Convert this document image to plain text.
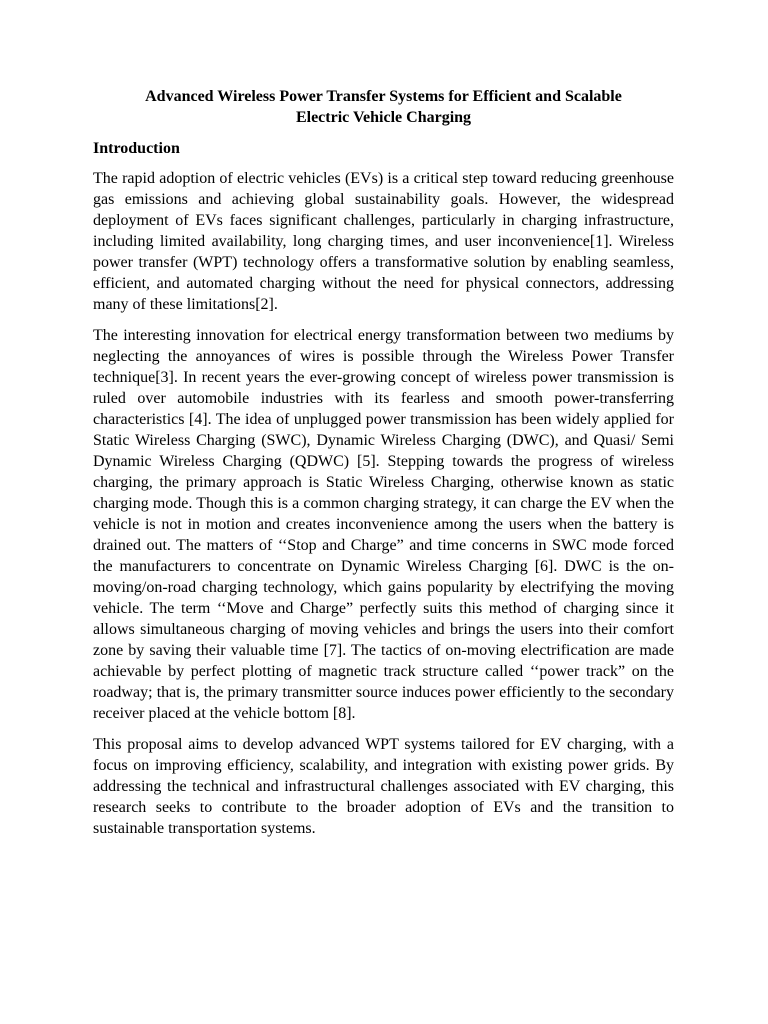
Advanced Wireless Power Transfer Systems for Efficient and Scalable
Electric Vehicle Charging

Introduction

The rapid adoption of electric vehicles (EVs) is a critical step toward reducing greenhouse gas emissions and achieving global sustainability goals. However, the widespread deployment of EVs faces significant challenges, particularly in charging infrastructure, including limited availability, long charging times, and user inconvenience[1]. Wireless power transfer (WPT) technology offers a transformative solution by enabling seamless, efficient, and automated charging without the need for physical connectors, addressing many of these limitations[2].

The interesting innovation for electrical energy transformation between two mediums by neglecting the annoyances of wires is possible through the Wireless Power Transfer technique[3]. In recent years the ever-growing concept of wireless power transmission is ruled over automobile industries with its fearless and smooth power-transferring characteristics [4]. The idea of unplugged power transmission has been widely applied for Static Wireless Charging (SWC), Dynamic Wireless Charging (DWC), and Quasi/ Semi Dynamic Wireless Charging (QDWC) [5]. Stepping towards the progress of wireless charging, the primary approach is Static Wireless Charging, otherwise known as static charging mode. Though this is a common charging strategy, it can charge the EV when the vehicle is not in motion and creates inconvenience among the users when the battery is drained out. The matters of ‘‘Stop and Charge” and time concerns in SWC mode forced the manufacturers to concentrate on Dynamic Wireless Charging [6]. DWC is the on-moving/on-road charging technology, which gains popularity by electrifying the moving vehicle. The term ‘‘Move and Charge” perfectly suits this method of charging since it allows simultaneous charging of moving vehicles and brings the users into their comfort zone by saving their valuable time [7]. The tactics of on-moving electrification are made achievable by perfect plotting of magnetic track structure called ‘‘power track” on the roadway; that is, the primary transmitter source induces power efficiently to the secondary receiver placed at the vehicle bottom [8].

This proposal aims to develop advanced WPT systems tailored for EV charging, with a focus on improving efficiency, scalability, and integration with existing power grids. By addressing the technical and infrastructural challenges associated with EV charging, this research seeks to contribute to the broader adoption of EVs and the transition to sustainable transportation systems.
